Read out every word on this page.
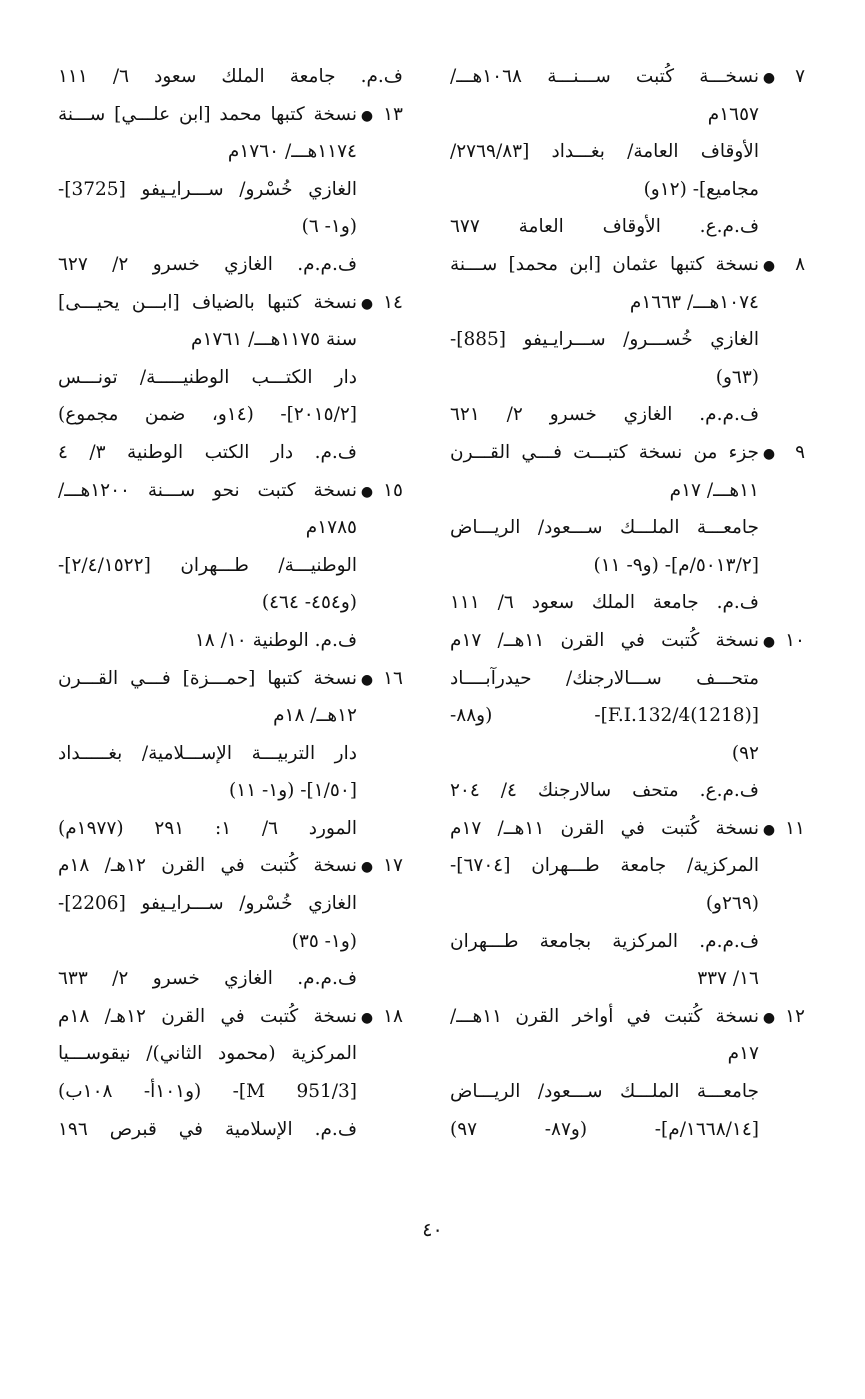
٧
●
نسخـــة كُتبت ســـنـــة ١٠٦٨هـــ/
١٦٥٧م
الأوقاف العامة/ بغـــداد [٢٧٦٩/٨٣/
مجاميع]- (١٢و)
ف.م.ع. الأوقاف العامة ٦٧٧
٨
●
نسخة كتبها عثمان [ابن محمد] ســـنة
١٠٧٤هـــ/ ١٦٦٣م
الغازي خُســـرو/ ســـرايـيفو [885]-
(٦٣و)
ف.م.م. الغازي خسرو ٢/ ٦٢١
٩
●
جزء من نسخة كتبـــت فـــي القـــرن
١١هـــ/ ١٧م
جامعـــة الملـــك ســـعود/ الريـــاض
[٥٠١٣/٢/م]- (و٩- ١١)
ف.م. جامعة الملك سعود ٦/ ١١١
١٠
●
نسخة كُتبت في القرن ١١هــ/ ١٧م
متحـــف ســـالارجنك/ حيدرآبــــاد
[(1218)F.I.132/4]- (و٨٨-
٩٢)
ف.م.ع. متحف سالارجنك ٤/ ٢٠٤
١١
●
نسخة كُتبت في القرن ١١هــ/ ١٧م
المركزية/ جامعة طـــهران [٦٧٠٤]-
(٢٦٩و)
ف.م.م. المركزية بجامعة طـــهران
١٦/ ٣٣٧
١٢
●
نسخة كُتبت في أواخر القرن ١١هـــ/
١٧م
جامعـــة الملـــك ســـعود/ الريـــاض
[١٦٦٨/١٤/م]- (و٨٧- ٩٧)
ف.م. جامعة الملك سعود ٦/ ١١١
١٣
●
نسخة كتبها محمد [ابن علـــي] ســـنة
١١٧٤هـــ/ ١٧٦٠م
الغازي خُسْرو/ ســـرايـيفو [3725]-
(و١- ٦)
ف.م.م. الغازي خسرو ٢/ ٦٢٧
١٤
●
نسخة كتبها بالضياف [ابـــن يحيـــى]
سنة ١١٧٥هـــ/ ١٧٦١م
دار الكتـــب الوطنيـــــة/ تونـــس
[٢٠١٥/٢]- (١٤و، ضمن مجموع)
ف.م. دار الكتب الوطنية ٣/ ٤
١٥
●
نسخة كتبت نحو ســـنة ١٢٠٠هـــ/
١٧٨٥م
الوطنيـــة/ طـــهران [٢/٤/١٥٢٢]-
(و٤٥٤- ٤٦٤)
ف.م. الوطنية ١٠/ ١٨
١٦
●
نسخة كتبها [حمـــزة] فـــي القـــرن
١٢هــ/ ١٨م
دار التربيـــة الإســـلامية/ بغـــــداد
[١/٥٠]- (و١- ١١)
المورد ٦/ ١: ٢٩١ (١٩٧٧م)
١٧
●
نسخة كُتبت في القرن ١٢هـ/ ١٨م
الغازي خُسْرو/ ســـرايـيفو [2206]-
(و١- ٣٥)
ف.م.م. الغازي خسرو ٢/ ٦٣٣
١٨
●
نسخة كُتبت في القرن ١٢هـ/ ١٨م
المركزية (محمود الثاني)/ نيقوســـيا
[M 951/3]- (و١٠١أ- ١٠٨ب)
ف.م. الإسلامية في قبرص ١٩٦
٤٠
